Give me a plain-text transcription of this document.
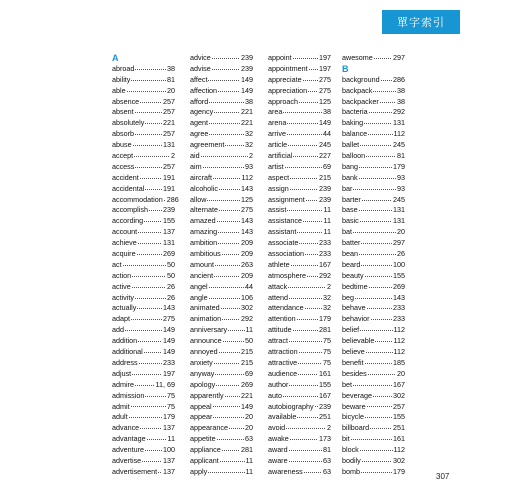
單字索引
A
abroad	38
ability	81
able	20
absence	257
absent	257
absolutely	221
absorb	257
abuse	131
accept	2
access	257
accident	191
accidental	191
accommodation 286
accomplish 239
according	155
account	137
achieve	131
acquire	269
act	50
action	50
active	26
activity	26
actually	143
adapt	275
add	149
addition	149
additional	149
address	233
adjust	197
admire	11, 69
admission	75
admit	75
adult	179
advance	137
advantage	11
adventure	100
advertise	137
advertisement 137
advice	239
advise	239
affect	149
affection	149
afford	38
agency	221
agent	221
agree	32
agreement	32
aid	2
aim	93
aircraft	112
alcoholic	143
allow	125
alternate	275
amazed	143
amazing	143
ambition	209
ambitious	209
amount	263
ancient	209
angel	44
angle	106
animated	302
animation	292
anniversary	11
announce	50
annoyed	215
anxiety	215
anyway	69
apology	269
apparently 221
appeal	149
appear	20
appearance 20
appetite	63
appliance	281
applicant	11
apply	11
appoint	197
appointment 197
appreciate 275
appreciation 275
approach	125
area	38
arena	149
arrive	44
article	245
artificial	227
artist	69
aspect	215
assign	239
assignment 239
assist	11
assistance	11
assistant	11
associate	233
association 233
athlete	167
atmosphere 292
attack	2
attend	32
attendance	32
attention	179
attitude	281
attract	75
attraction	75
attractive	75
audience	161
author	155
auto	167
autobiography 239
available	251
avoid	2
awake	173
award	81
aware	63
awareness	63
awesome	297
B
background 286
backpack	38
backpacker	38
bacteria	292
baking	131
balance	112
ballet	245
balloon	81
bang	179
bank	93
bar	93
barter	245
base	131
basic	131
bat	20
batter	297
bean	26
beard	100
beauty	155
bedtime	269
beg	143
behave	233
behavior	233
belief	112
believable	112
believe	112
benefit	185
besides	20
bet	167
beverage	302
beware	257
bicycle	155
billboard	251
bit	161
block	112
bodily	302
bomb	179
307
